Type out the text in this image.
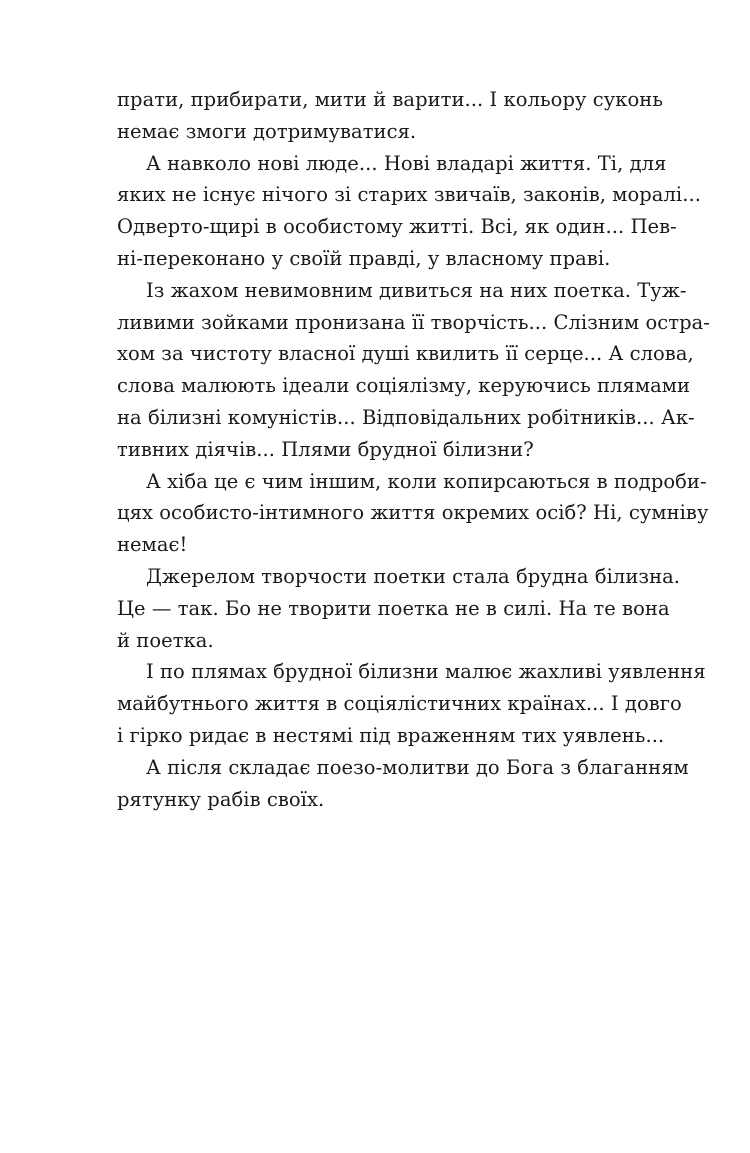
прати, прибирати, мити й варити... І кольору суконь
немає змоги дотримуватися.

А навколо нові люде... Нові владарі життя. Ті, для
яких не існує нічого зі старих звичаїв, законів, моралі...
Одверто-щирі в особистому житті. Всі, як один... Пев-
ні-переконано у своїй правді, у власному праві.

Із жахом невимовним дивиться на них поетка. Туж-
ливими зойками пронизана її творчість... Слізним остра-
хом за чистоту власної душі квилить її серце... А слова,
слова малюють ідеали соціялізму, керуючись плямами
на білизні комуністів... Відповідальних робітників... Ак-
тивних діячів... Плями брудної білизни?

А хіба це є чим іншим, коли копирсаються в подроби-
цях особисто-інтимного життя окремих осіб? Ні, сумніву
немає!

Джерелом творчости поетки стала брудна білизна.
Це — так. Бо не творити поетка не в силі. На те вона
й поетка.

І по плямах брудної білизни малює жахливі уявлення
майбутнього життя в соціялістичних країнах... І довго
і гірко ридає в нестямі під враженням тих уявлень...

А після складає поезо-молитви до Бога з благанням
рятунку рабів своїх.
